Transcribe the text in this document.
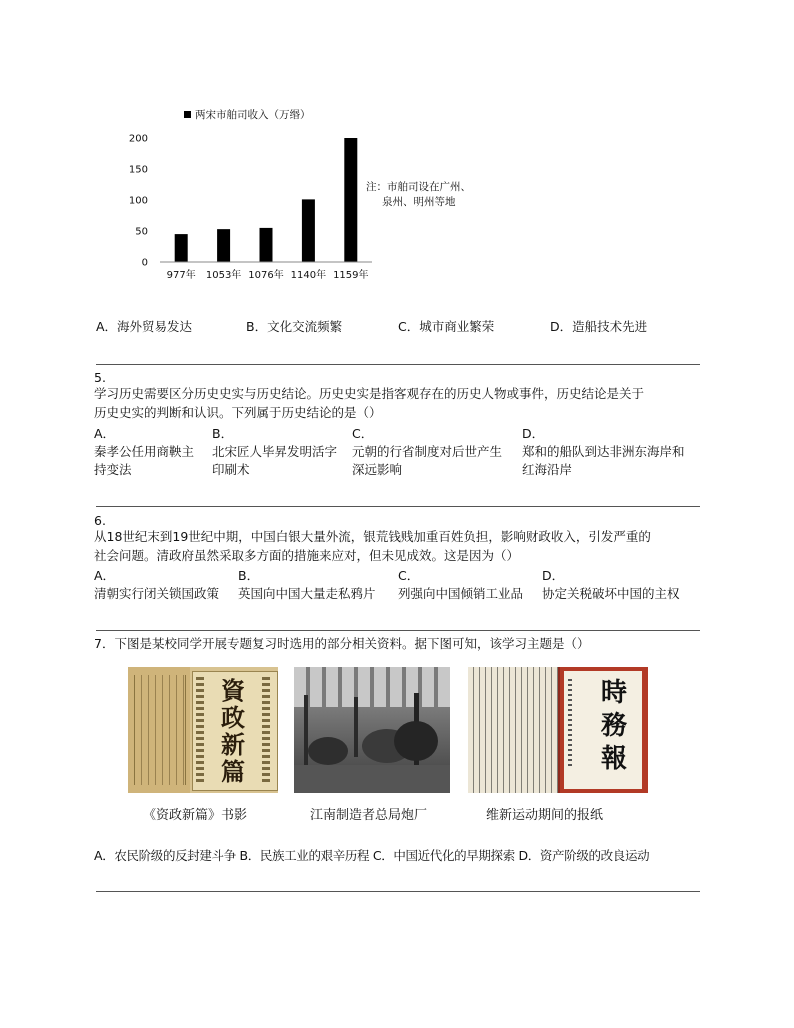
两宋市舶司收入（万缗）
0
50
100
150
200
977年 1053年 1076年 1140年 1159年
注：市舶司设在广州、
泉州、明州等地
A．海外贸易发达	B．文化交流频繁	C．城市商业繁荣	D．造船技术先进
5.
学习历史需要区分历史史实与历史结论。历史史实是指客观存在的历史人物或事件，历史结论是关于
历史史实的判断和认识。下列属于历史结论的是（）
A．
秦孝公任用商鞅主
持变法
B．
北宋匠人毕昇发明活字
印刷术
C．
元朝的行省制度对后世产生
深远影响
D．
郑和的船队到达非洲东海岸和
红海沿岸
6.
从18世纪末到19世纪中期，中国白银大量外流，银荒钱贱加重百姓负担，影响财政收入，引发严重的
社会问题。清政府虽然采取多方面的措施来应对，但未见成效。这是因为（）
A．
清朝实行闭关锁国政策
B．
英国向中国大量走私鸦片
C．
列强向中国倾销工业品
D．
协定关税破坏中国的主权
7．下图是某校同学开展专题复习时选用的部分相关资料。据下图可知，该学习主题是（）
資
政
新
篇
時
務
報
《资政新篇》书影	江南制造者总局炮厂	维新运动期间的报纸
A．农民阶级的反封建斗争 B．民族工业的艰辛历程 C．中国近代化的早期探索 D．资产阶级的改良运动
